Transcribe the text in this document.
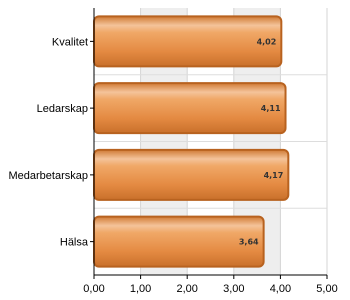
4,02
4,11
4,17
3,64
0,00 1,00 2,00 3,00 4,00 5,00
Kvalitet
Ledarskap
Medarbetarskap
Hälsa
